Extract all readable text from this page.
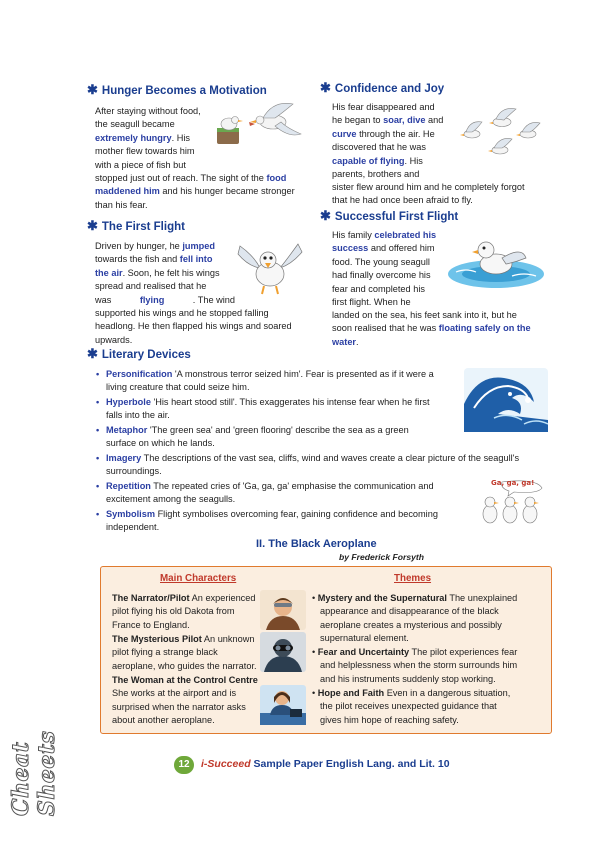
✱ Hunger Becomes a Motivation
After staying without food,
the seagull became
extremely hungry. His
mother flew towards him
with a piece of fish but
stopped just out of reach. The sight of the food
maddened him and his hunger became stronger
than his fear.
✱ Confidence and Joy
His fear disappeared and
he began to soar, dive and
curve through the air. He
discovered that he was
capable of flying. His
parents, brothers and
sister flew around him and he completely forgot
that he had once been afraid to fly.
✱ The First Flight
Driven by hunger, he jumped
towards the fish and fell into
the air. Soon, he felt his wings
spread and realised that he
was	flying	. The wind
supported his wings and he stopped falling
headlong. He then flapped his wings and soared
upwards.
✱ Successful First Flight
His family celebrated his
success and offered him
food. The young seagull
had finally overcome his
fear and completed his
first flight. When he
landed on the sea, his feet sank into it, but he
soon realised that he was floating safely on the
water.
✱ Literary Devices
• Personification 'A monstrous terror seized him'. Fear is presented as if it were a
living creature that could seize him.
• Hyperbole 'His heart stood still'. This exaggerates his intense fear when he first
falls into the air.
• Metaphor 'The green sea' and 'green flooring' describe the sea as a green
surface on which he lands.
• Imagery The descriptions of the vast sea, cliffs, wind and waves create a clear picture of the seagull's
surroundings.
• Repetition The repeated cries of 'Ga, ga, ga' emphasise the communication and
excitement among the seagulls.
• Symbolism Flight symbolises overcoming fear, gaining confidence and becoming
independent.
Ga, ga, ga!
II. The Black Aeroplane
by Frederick Forsyth
Main Characters	Themes
The Narrator/Pilot An experienced
pilot flying his old Dakota from
France to England.
The Mysterious Pilot An unknown
pilot flying a strange black
aeroplane, who guides the narrator.
The Woman at the Control Centre
She works at the airport and is
surprised when the narrator asks
about another aeroplane.
• Mystery and the Supernatural The unexplained
appearance and disappearance of the black
aeroplane creates a mysterious and possibly
supernatural element.
• Fear and Uncertainty The pilot experiences fear
and helplessness when the storm surrounds him
and his instruments suddenly stop working.
• Hope and Faith Even in a dangerous situation,
the pilot receives unexpected guidance that
gives him hope of reaching safety.
Cheat Sheets	12	i-Succeed Sample Paper English Lang. and Lit. 10
